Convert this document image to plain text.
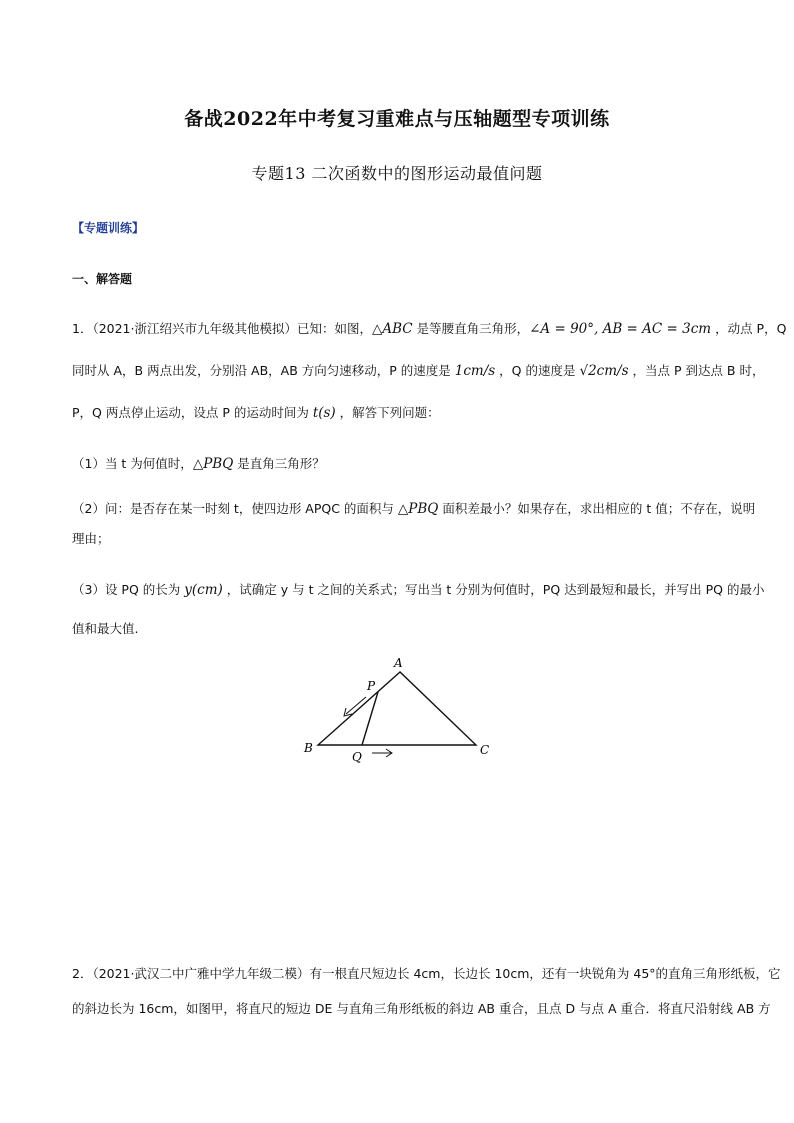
备战2022年中考复习重难点与压轴题型专项训练
专题13 二次函数中的图形运动最值问题
【专题训练】
一、解答题
1．（2021·浙江绍兴市九年级其他模拟）已知：如图，△ABC 是等腰直角三角形，∠A = 90°, AB = AC = 3cm ，动点 P，Q
同时从 A，B 两点出发，分别沿 AB，AB 方向匀速移动，P 的速度是 1cm/s ，Q 的速度是 √2cm/s ，当点 P 到达点 B 时，
P，Q 两点停止运动，设点 P 的运动时间为 t(s) ，解答下列问题：
（1）当 t 为何值时，△PBQ 是直角三角形？
（2）问：是否存在某一时刻 t，使四边形 APQC 的面积与 △PBQ 面积差最小？如果存在，求出相应的 t 值；不存在，说明
理由；
（3）设 PQ 的长为 y(cm) ，试确定 y 与 t 之间的关系式；写出当 t 分别为何值时，PQ 达到最短和最长，并写出 PQ 的最小
值和最大值.
A
P
B	C
Q
2．（2021·武汉二中广雅中学九年级二模）有一根直尺短边长 4cm，长边长 10cm，还有一块锐角为 45°的直角三角形纸板，它
的斜边长为 16cm，如图甲，将直尺的短边 DE 与直角三角形纸板的斜边 AB 重合，且点 D 与点 A 重合．将直尺沿射线 AB 方
